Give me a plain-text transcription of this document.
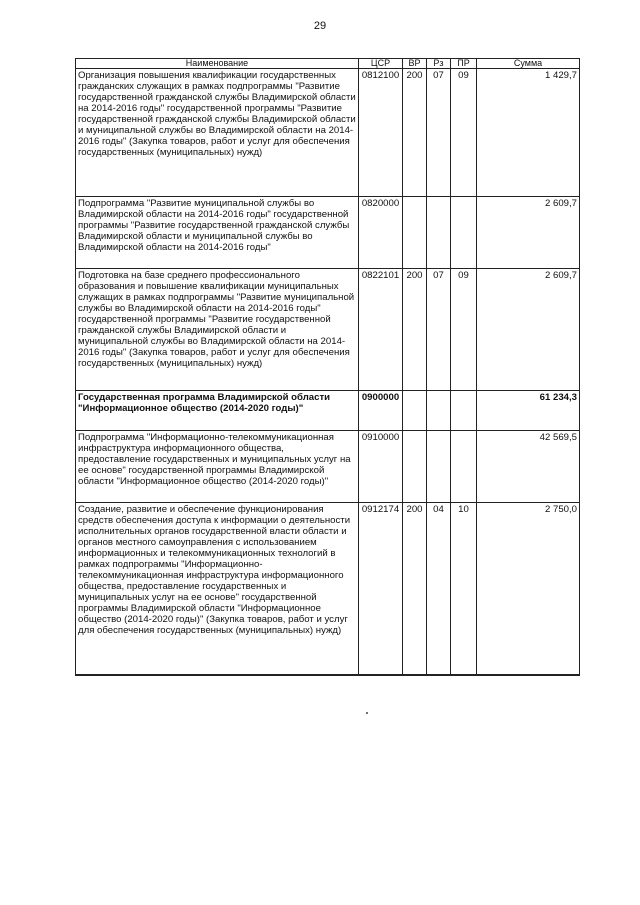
29
Наименование	ЦСР	ВР	Рз	ПР	Сумма
Организация повышения квалификации государственных гражданских служащих в рамках подпрограммы "Развитие государственной гражданской службы Владимирской области на 2014-2016 годы" государственной программы "Развитие государственной гражданской службы Владимирской области и муниципальной службы во Владимирской области на 2014-2016 годы" (Закупка товаров, работ и услуг для обеспечения государственных (муниципальных) нужд)	0812100	200	07	09	1 429,7
Подпрограмма "Развитие муниципальной службы во Владимирской области на 2014-2016 годы" государственной программы "Развитие государственной гражданской службы Владимирской области и муниципальной службы во Владимирской области на 2014-2016 годы"	0820000				2 609,7
Подготовка на базе среднего профессионального образования и повышение квалификации муниципальных служащих в рамках подпрограммы "Развитие муниципальной службы во Владимирской области на 2014-2016 годы" государственной программы "Развитие государственной гражданской службы Владимирской области и муниципальной службы во Владимирской области на 2014-2016 годы" (Закупка товаров, работ и услуг для обеспечения государственных (муниципальных) нужд)	0822101	200	07	09	2 609,7
Государственная программа Владимирской области "Информационное общество (2014-2020 годы)"	0900000				61 234,3
Подпрограмма "Информационно-телекоммуникационная инфраструктура информационного общества, предоставление государственных и муниципальных услуг на ее основе" государственной программы Владимирской области "Информационное общество (2014-2020 годы)"	0910000				42 569,5
Создание, развитие и обеспечение функционирования средств обеспечения доступа к информации о деятельности исполнительных органов государственной власти области и органов местного самоуправления с использованием информационных и телекоммуникационных технологий в рамках подпрограммы "Информационно-телекоммуникационная инфраструктура информационного общества, предоставление государственных и муниципальных услуг на ее основе" государственной программы Владимирской области "Информационное общество (2014-2020 годы)" (Закупка товаров, работ и услуг для обеспечения государственных (муниципальных) нужд)	0912174	200	04	10	2 750,0
